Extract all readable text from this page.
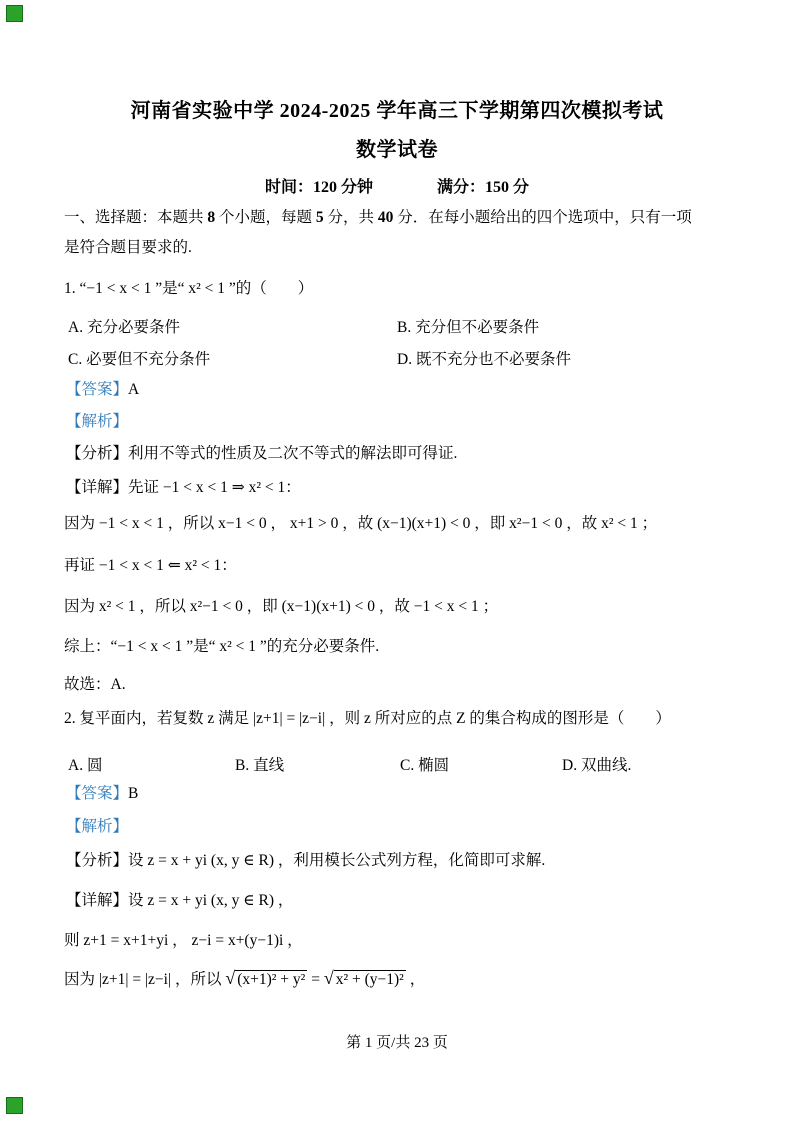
河南省实验中学 2024-2025 学年高三下学期第四次模拟考试
数学试卷
时间：120 分钟	满分：150 分
一、选择题：本题共 8 个小题，每题 5 分，共 40 分．在每小题给出的四个选项中，只有一项
是符合题目要求的.
1. “−1 < x < 1 ”是“ x² < 1 ”的（　　）
A. 充分必要条件	B. 充分但不必要条件
C. 必要但不充分条件	D. 既不充分也不必要条件
【答案】A
【解析】
【分析】利用不等式的性质及二次不等式的解法即可得证.
【详解】先证 −1 < x < 1 ⇒ x² < 1：
因为 −1 < x < 1 ，所以 x−1 < 0 ， x+1 > 0 ，故 (x−1)(x+1) < 0 ，即 x²−1 < 0 ，故 x² < 1 ；
再证 −1 < x < 1 ⇐ x² < 1：
因为 x² < 1 ，所以 x²−1 < 0 ，即 (x−1)(x+1) < 0 ，故 −1 < x < 1 ；
综上：“−1 < x < 1 ”是“ x² < 1 ”的充分必要条件.
故选：A.
2. 复平面内，若复数 z 满足 |z+1| = |z−i| ，则 z 所对应的点 Z 的集合构成的图形是（　　）
A. 圆	B. 直线	C. 椭圆	D. 双曲线.
【答案】B
【解析】
【分析】设 z = x + yi (x, y ∈ R) ，利用模长公式列方程，化简即可求解.
【详解】设 z = x + yi (x, y ∈ R) ，
则 z+1 = x+1+yi ， z−i = x+(y−1)i ，
因为 |z+1| = |z−i| ，所以 √ (x+1)² + y² = √ x² + (y−1)² ，
第 1 页/共 23 页
